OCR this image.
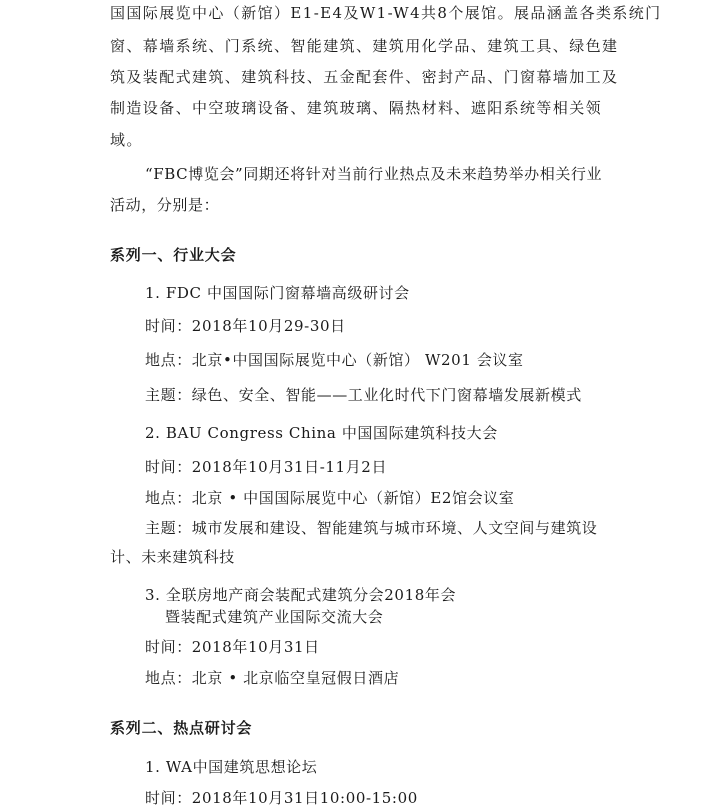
国国际展览中心（新馆）E1-E4及W1-W4共8个展馆。展品涵盖各类系统门
窗、幕墙系统、门系统、智能建筑、建筑用化学品、建筑工具、绿色建
筑及装配式建筑、建筑科技、五金配套件、密封产品、门窗幕墙加工及
制造设备、中空玻璃设备、建筑玻璃、隔热材料、遮阳系统等相关领
域。
“FBC博览会”同期还将针对当前行业热点及未来趋势举办相关行业
活动，分别是：
系列一、行业大会
1. FDC 中国国际门窗幕墙高级研讨会
时间：2018年10月29-30日
地点：北京•中国国际展览中心（新馆） W201 会议室
主题：绿色、安全、智能——工业化时代下门窗幕墙发展新模式
2. BAU Congress China 中国国际建筑科技大会
时间：2018年10月31日-11月2日
地点：北京 • 中国国际展览中心（新馆）E2馆会议室
主题：城市发展和建设、智能建筑与城市环境、人文空间与建筑设
计、未来建筑科技
3. 全联房地产商会装配式建筑分会2018年会
暨装配式建筑产业国际交流大会
时间：2018年10月31日
地点：北京 • 北京临空皇冠假日酒店
系列二、热点研讨会
1. WA中国建筑思想论坛
时间：2018年10月31日10:00-15:00
